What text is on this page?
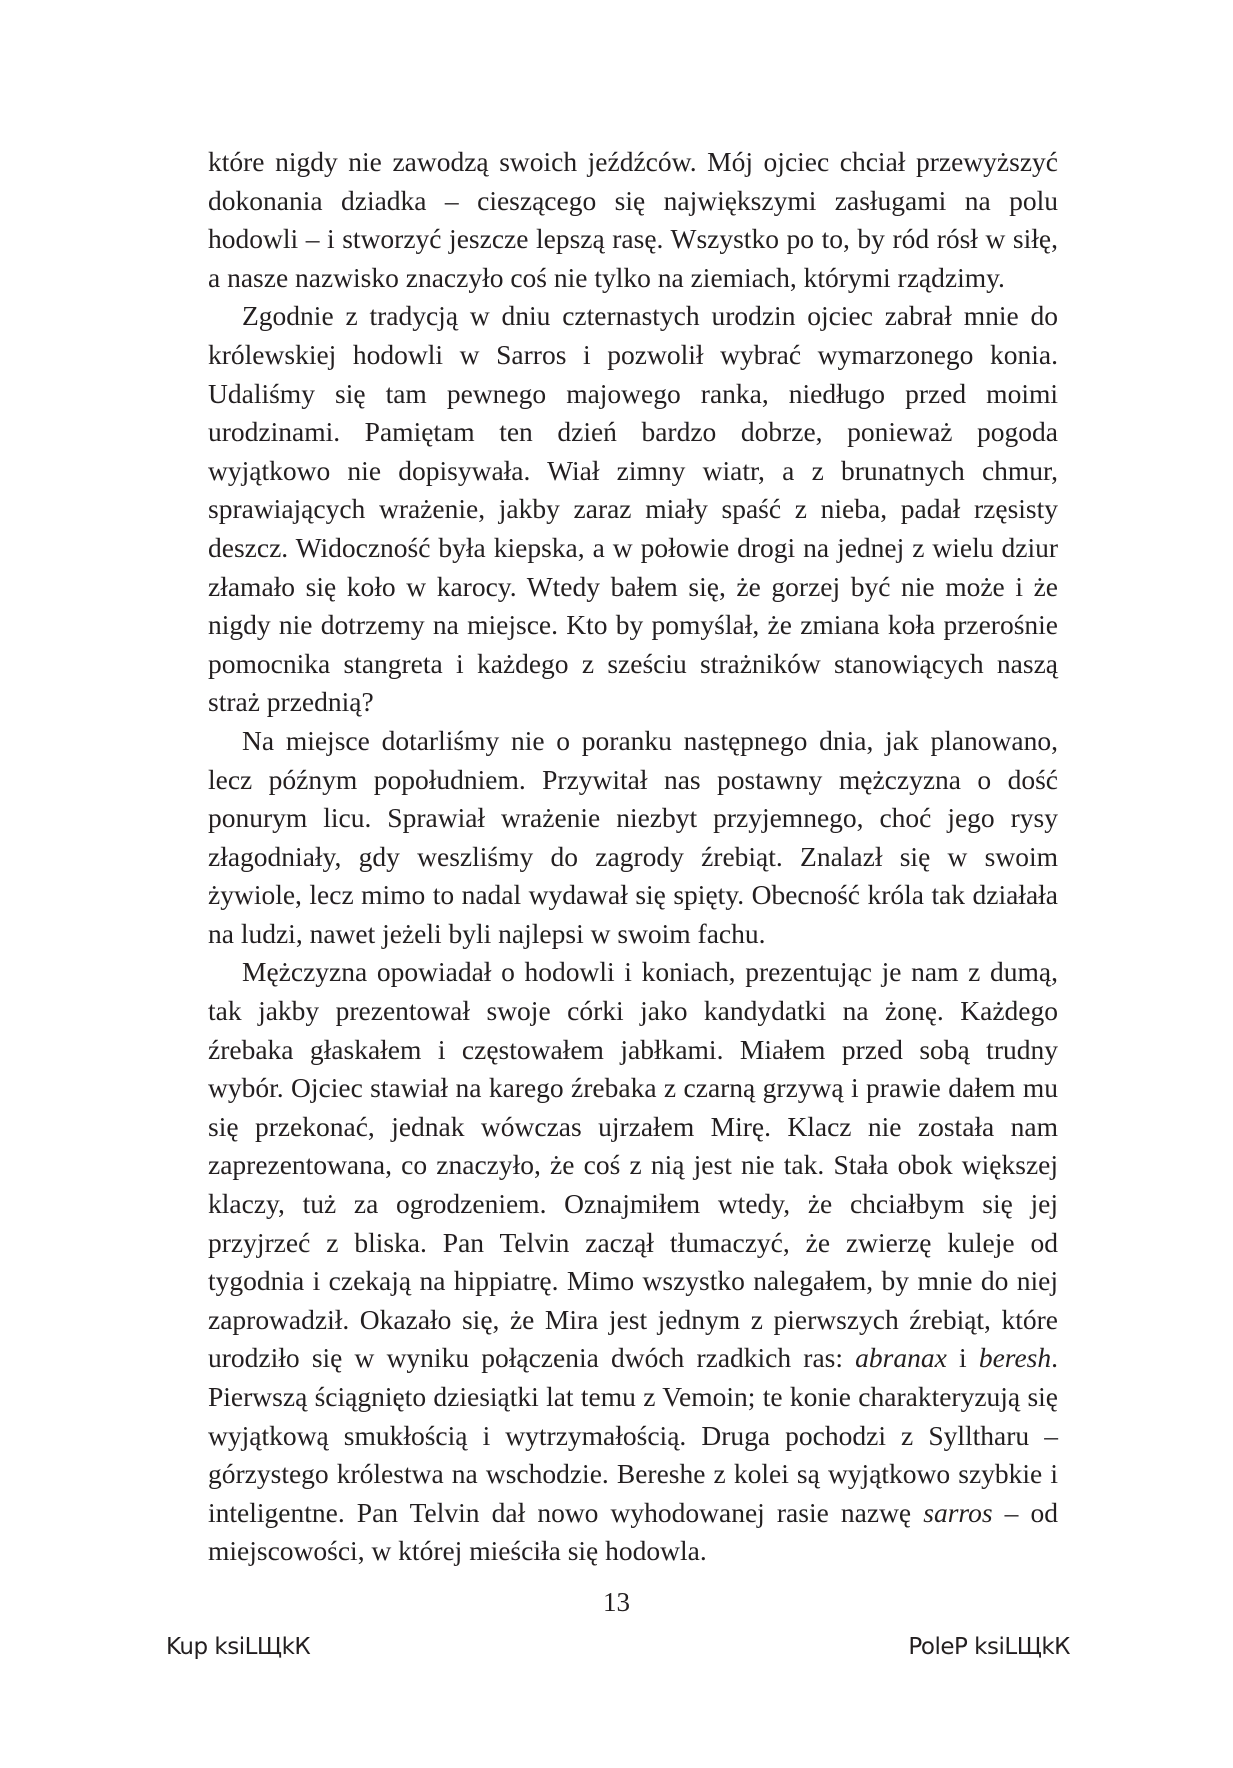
które nigdy nie zawodzą swoich jeźdźców. Mój ojciec chciał przewyższyć dokonania dziadka – cieszącego się największymi zasługami na polu hodowli – i stworzyć jeszcze lepszą rasę. Wszystko po to, by ród rósł w siłę, a nasze nazwisko znaczyło coś nie tylko na ziemiach, którymi rządzimy.

Zgodnie z tradycją w dniu czternastych urodzin ojciec zabrał mnie do królewskiej hodowli w Sarros i pozwolił wybrać wymarzonego konia. Udaliśmy się tam pewnego majowego ranka, niedługo przed moimi urodzinami. Pamiętam ten dzień bardzo dobrze, ponieważ pogoda wyjątkowo nie dopisywała. Wiał zimny wiatr, a z brunatnych chmur, sprawiających wrażenie, jakby zaraz miały spaść z nieba, padał rzęsisty deszcz. Widoczność była kiepska, a w połowie drogi na jednej z wielu dziur złamało się koło w karocy. Wtedy bałem się, że gorzej być nie może i że nigdy nie dotrzemy na miejsce. Kto by pomyślał, że zmiana koła przerośnie pomocnika stangreta i każdego z sześciu strażników stanowiących naszą straż przednią?

Na miejsce dotarliśmy nie o poranku następnego dnia, jak planowano, lecz późnym popołudniem. Przywitał nas postawny mężczyzna o dość ponurym licu. Sprawiał wrażenie niezbyt przyjemnego, choć jego rysy złagodniały, gdy weszliśmy do zagrody źrebiąt. Znalazł się w swoim żywiole, lecz mimo to nadal wydawał się spięty. Obecność króla tak działała na ludzi, nawet jeżeli byli najlepsi w swoim fachu.

Mężczyzna opowiadał o hodowli i koniach, prezentując je nam z dumą, tak jakby prezentował swoje córki jako kandydatki na żonę. Każdego źrebaka głaskałem i częstowałem jabłkami. Miałem przed sobą trudny wybór. Ojciec stawiał na karego źrebaka z czarną grzywą i prawie dałem mu się przekonać, jednak wówczas ujrzałem Mirę. Klacz nie została nam zaprezentowana, co znaczyło, że coś z nią jest nie tak. Stała obok większej klaczy, tuż za ogrodzeniem. Oznajmiłem wtedy, że chciałbym się jej przyjrzeć z bliska. Pan Telvin zaczął tłumaczyć, że zwierzę kuleje od tygodnia i czekają na hippiatrę. Mimo wszystko nalegałem, by mnie do niej zaprowadził. Okazało się, że Mira jest jednym z pierwszych źrebiąt, które urodziło się w wyniku połączenia dwóch rzadkich ras: abranax i beresh. Pierwszą ściągnięto dziesiątki lat temu z Vemoin; te konie charakteryzują się wyjątkową smukłością i wytrzymałością. Druga pochodzi z Sylltharu – górzystego królestwa na wschodzie. Bereshe z kolei są wyjątkowo szybkie i inteligentne. Pan Telvin dał nowo wyhodowanej rasie nazwę sarros – od miejscowości, w której mieściła się hodowla.

13
Kup ksiLЩkК	PoleР ksiLЩkК
